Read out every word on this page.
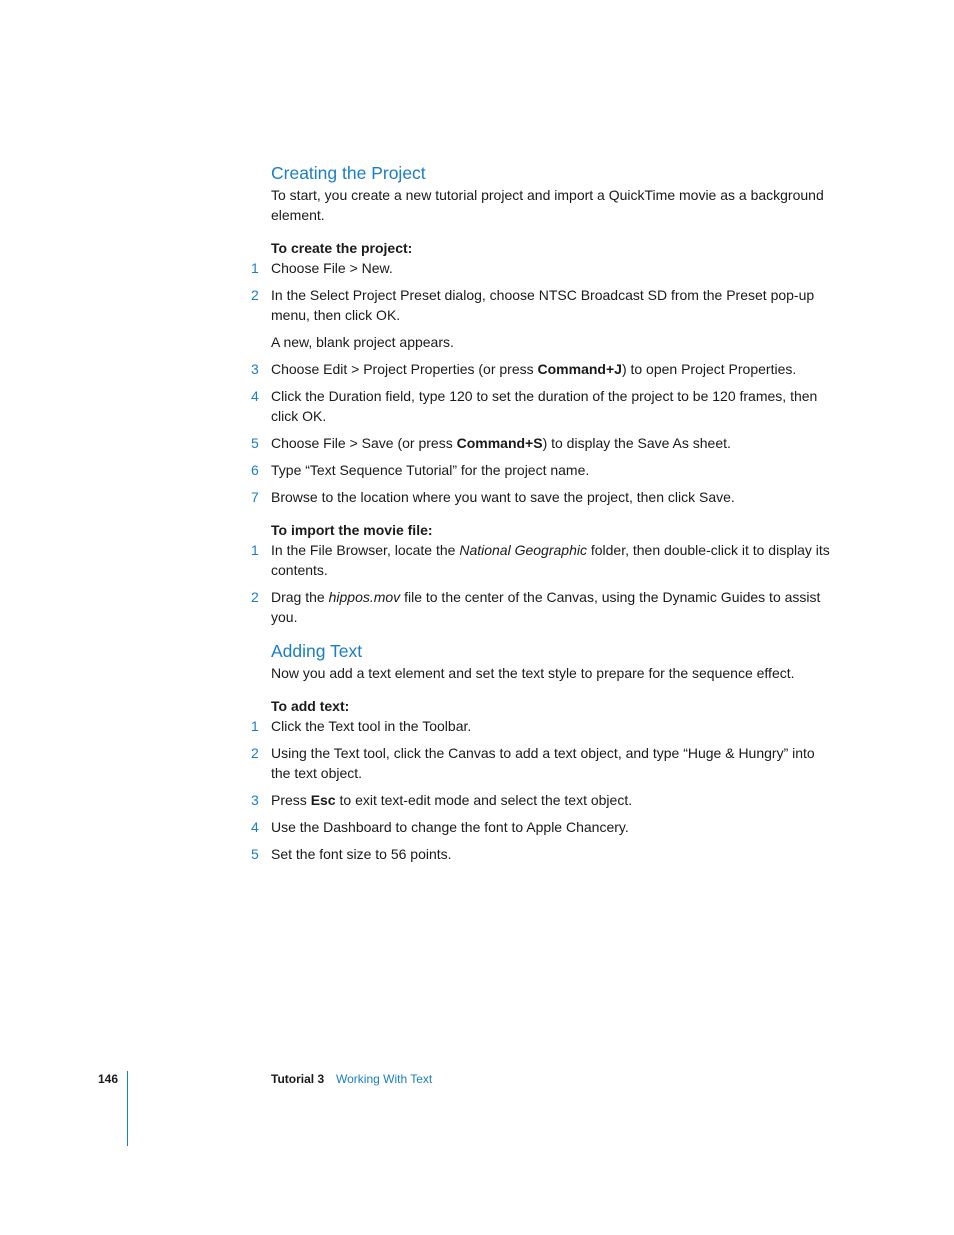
Creating the Project

To start, you create a new tutorial project and import a QuickTime movie as a background element.

To create the project:

1 Choose File > New.
2 In the Select Project Preset dialog, choose NTSC Broadcast SD from the Preset pop-up menu, then click OK.
A new, blank project appears.
3 Choose Edit > Project Properties (or press Command+J) to open Project Properties.
4 Click the Duration field, type 120 to set the duration of the project to be 120 frames, then click OK.
5 Choose File > Save (or press Command+S) to display the Save As sheet.
6 Type “Text Sequence Tutorial” for the project name.
7 Browse to the location where you want to save the project, then click Save.

To import the movie file:

1 In the File Browser, locate the National Geographic folder, then double-click it to display its contents.
2 Drag the hippos.mov file to the center of the Canvas, using the Dynamic Guides to assist you.
Adding Text

Now you add a text element and set the text style to prepare for the sequence effect.

To add text:

1 Click the Text tool in the Toolbar.
2 Using the Text tool, click the Canvas to add a text object, and type “Huge & Hungry” into the text object.
3 Press Esc to exit text-edit mode and select the text object.
4 Use the Dashboard to change the font to Apple Chancery.
5 Set the font size to 56 points.
146	Tutorial 3 Working With Text
